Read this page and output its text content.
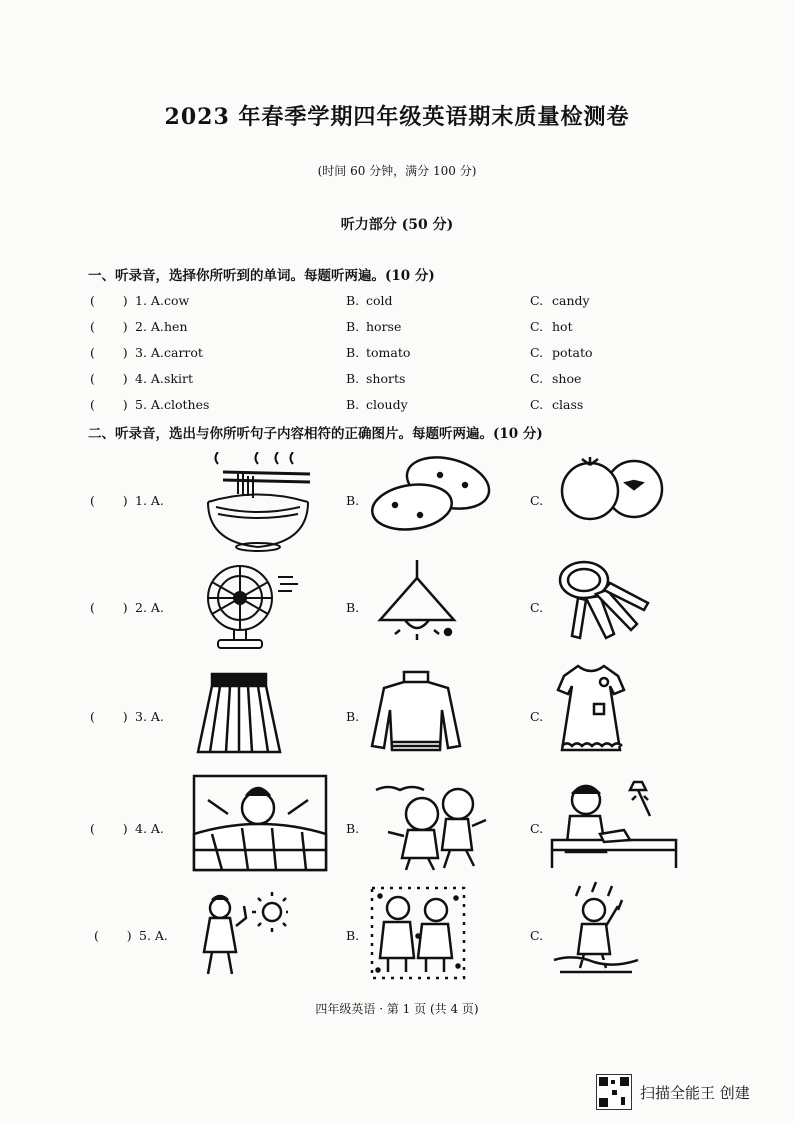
2023 年春季学期四年级英语期末质量检测卷
(时间 60 分钟，满分 100 分)
听力部分 (50 分)
一、听录音，选择你所听到的单词。每题听两遍。(10 分)
(       ) 1. A. cow	B. cold	C. candy
(       ) 2. A. hen	B. horse	C. hot
(       ) 3. A. carrot	B. tomato	C. potato
(       ) 4. A. skirt	B. shorts	C. shoe
(       ) 5. A. clothes	B. cloudy	C. class
二、听录音，选出与你所听句子内容相符的正确图片。每题听两遍。(10 分)
(       ) 1. A.	B.	C.
(       ) 2. A.	B.	C.
(       ) 3. A.	B.	C.
(       ) 4. A.	B.	C.
(       ) 5. A.	B.	C.
四年级英语 · 第 1 页 (共 4 页)
扫描全能王 创建
